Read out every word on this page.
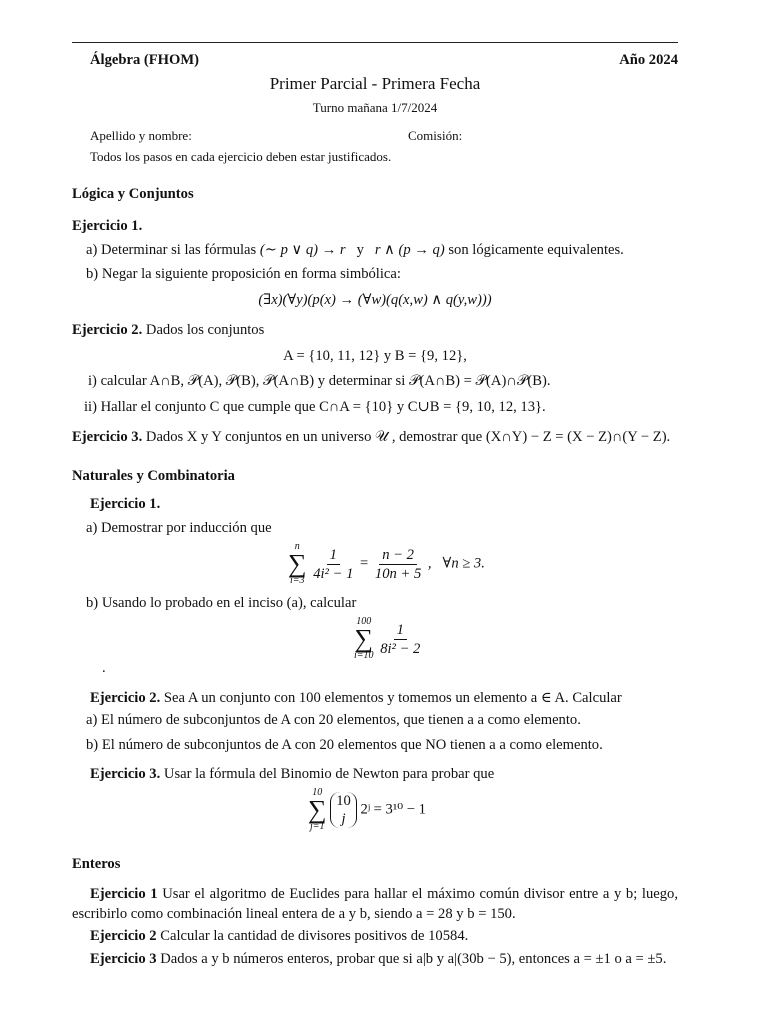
Álgebra (FHOM)	Año 2024
Primer Parcial - Primera Fecha
Turno mañana 1/7/2024
Apellido y nombre:	Comisión:
Todos los pasos en cada ejercicio deben estar justificados.
Lógica y Conjuntos
Ejercicio 1.
a) Determinar si las fórmulas (∼ p ∨ q) → r y r ∧ (p → q) son lógicamente equivalentes.
b) Negar la siguiente proposición en forma simbólica:
(∃x)(∀y)(p(x) → (∀w)(q(x,w) ∧ q(y,w)))
Ejercicio 2. Dados los conjuntos
A = {10, 11, 12} y B = {9, 12},
i) calcular A∩B, 𝒫(A), 𝒫(B), 𝒫(A∩B) y determinar si 𝒫(A∩B) = 𝒫(A)∩𝒫(B).
ii) Hallar el conjunto C que cumple que C∩A = {10} y C∪B = {9, 10, 12, 13}.
Ejercicio 3. Dados X y Y conjuntos en un universo 𝒰 , demostrar que (X∩Y) − Z = (X − Z)∩(Y − Z).
Naturales y Combinatoria
Ejercicio 1.
a) Demostrar por inducción que
n
∑
i=3
$\frac{1}{\text{4i² − 1}} = \frac{n - 2}{10n + 5}$ ,   ∀n ≥ 3.
b) Usando lo probado en el inciso (a), calcular
100
∑
i=10
$\frac{1}{\text{8i² − 2}}$
.
Ejercicio 2. Sea A un conjunto con 100 elementos y tomemos un elemento a ∈ A. Calcular
a) El número de subconjuntos de A con 20 elementos, que tienen a a como elemento.
b) El número de subconjuntos de A con 20 elementos que NO tienen a a como elemento.
Ejercicio 3. Usar la fórmula del Binomio de Newton para probar que
10
∑
j=1

10
j
2ʲ = 3¹⁰ − 1
Enteros
Ejercicio 1 Usar el algoritmo de Euclides para hallar el máximo común divisor entre a y b; luego, escribirlo como combinación lineal entera de a y b, siendo a = 28 y b = 150.
Ejercicio 2 Calcular la cantidad de divisores positivos de 10584.
Ejercicio 3 Dados a y b números enteros, probar que si a|b y a|(30b − 5), entonces a = ±1 o a = ±5.
